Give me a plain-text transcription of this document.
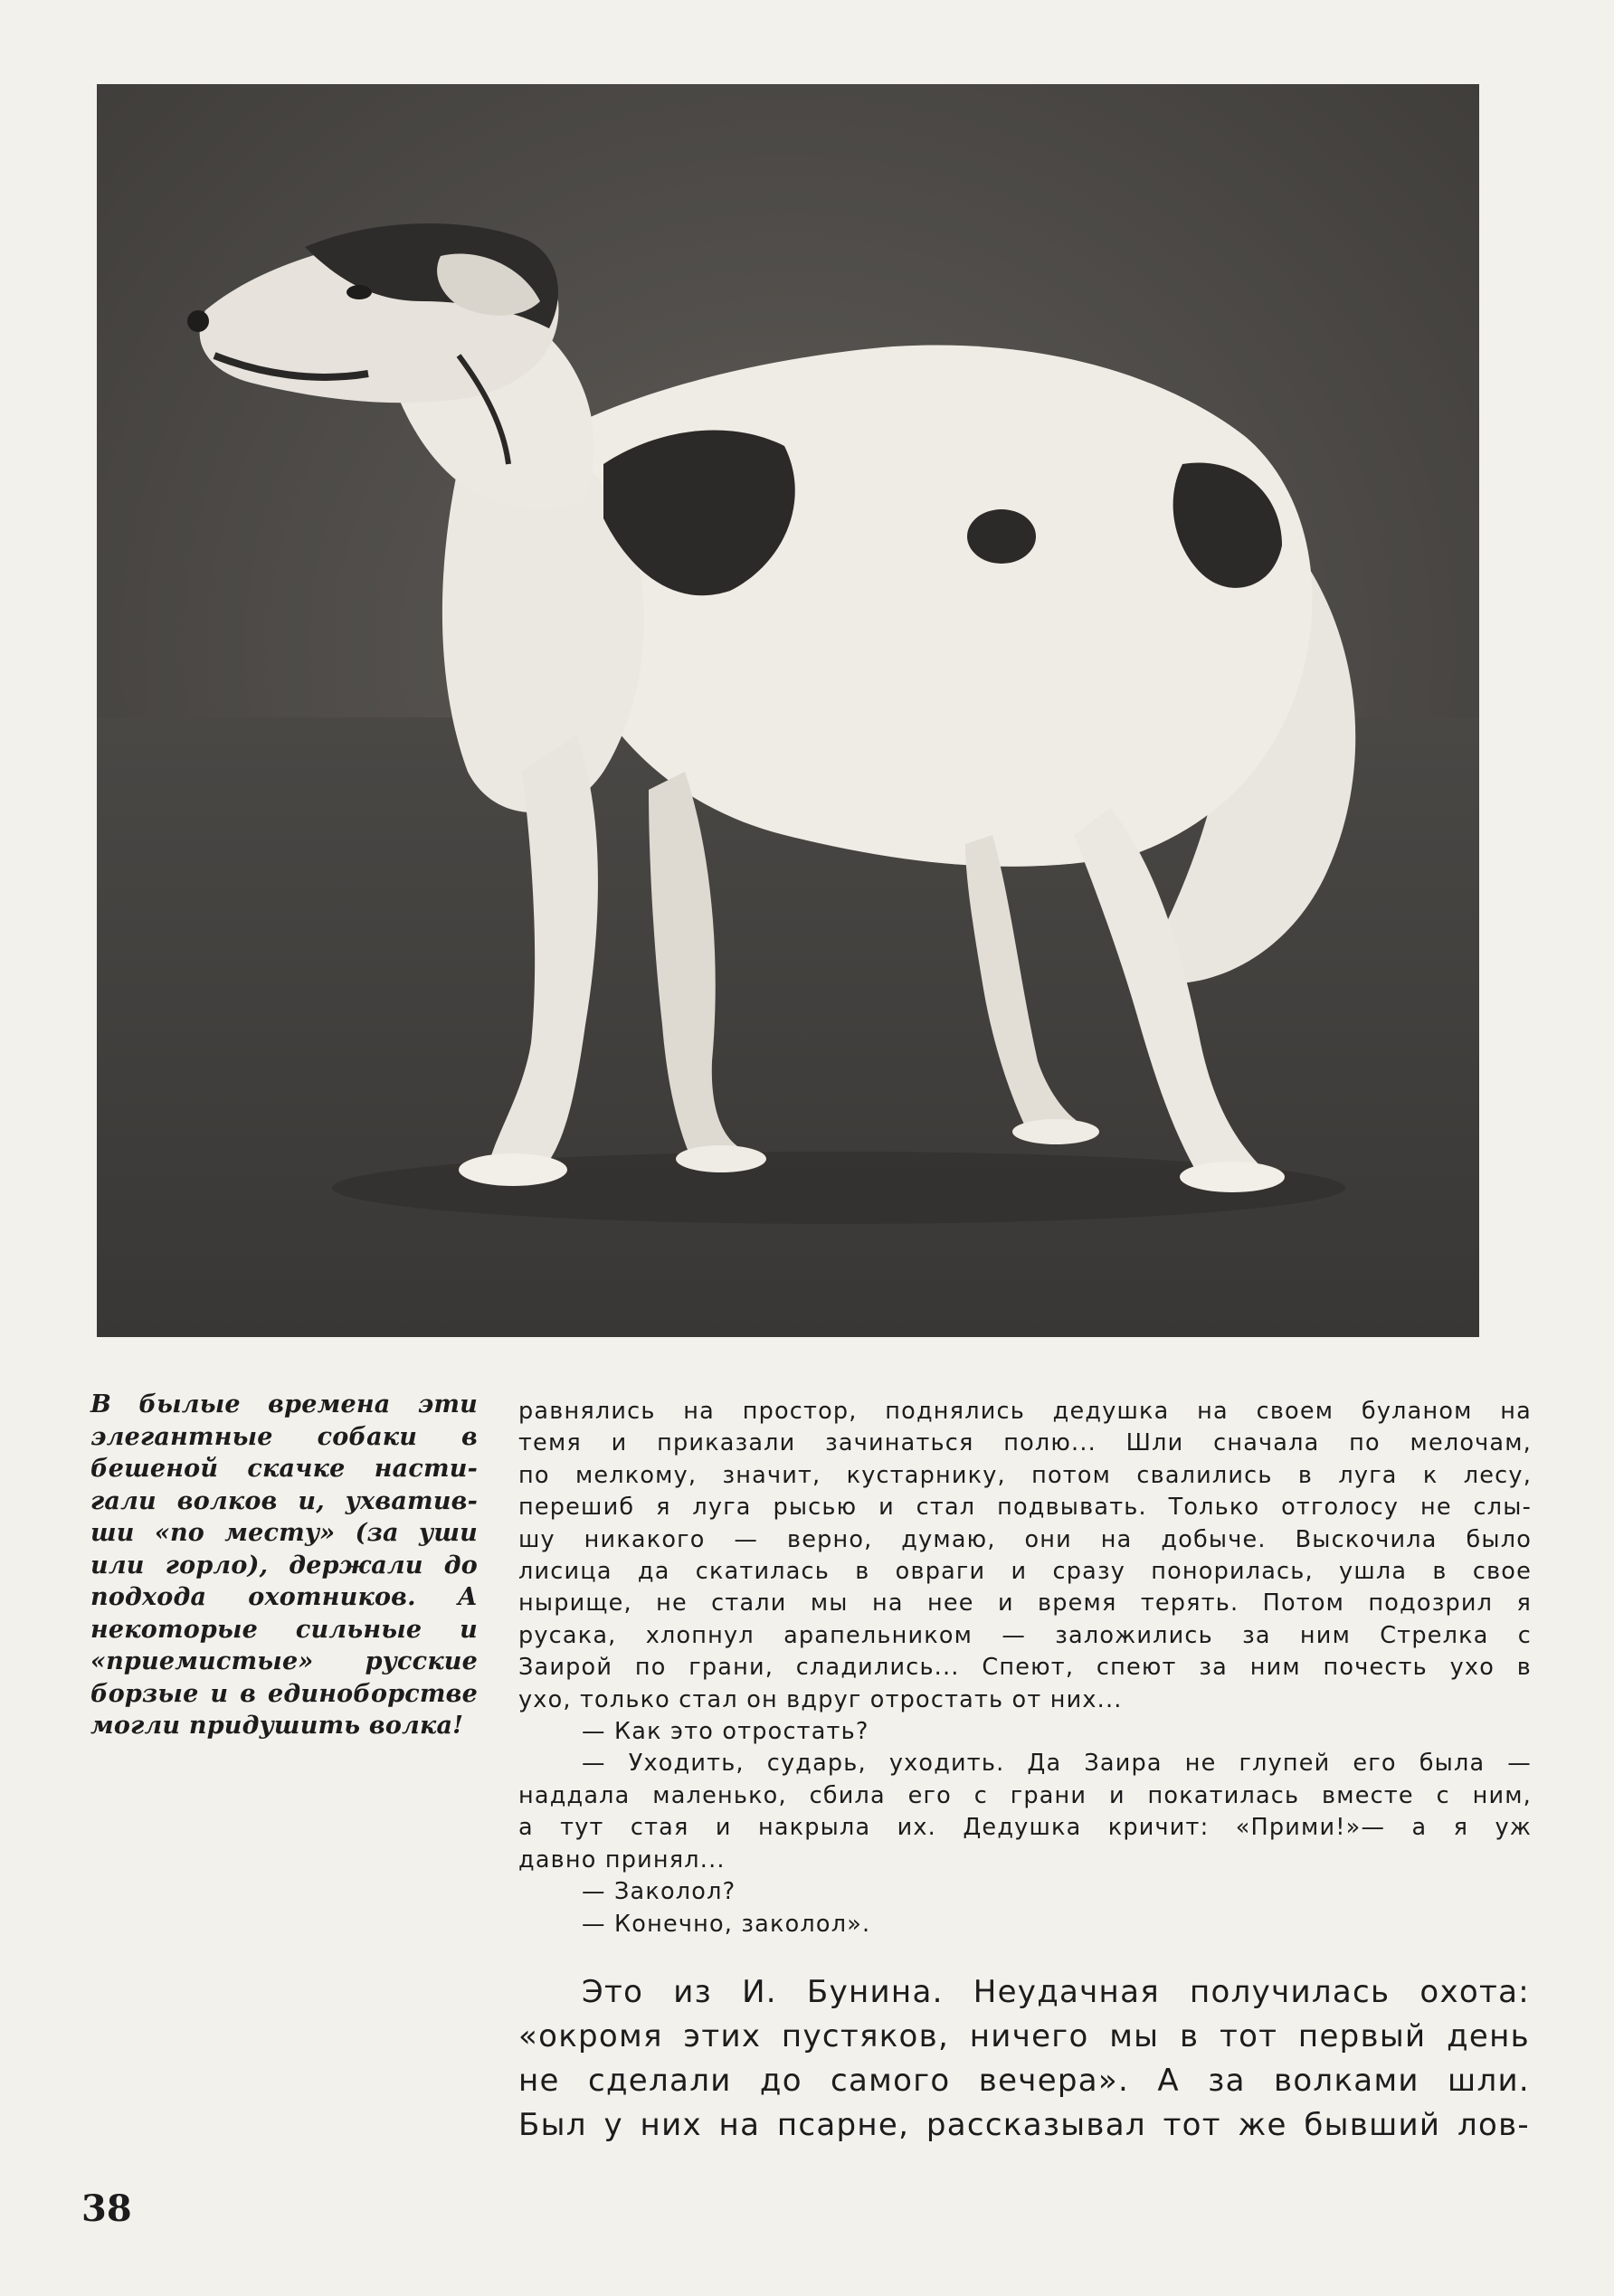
В былые времена эти
элегантные собаки в
бешеной скачке насти-
гали волков и, ухватив-
ши «по месту» (за уши
или горло), держали до
подхода охотников. А
некоторые сильные и
«приемистые» русские
борзые и в единоборстве
могли придушить волка!
равнялись на простор, поднялись дедушка на своем буланом на
темя и приказали зачинаться полю... Шли сначала по мелочам,
по мелкому, значит, кустарнику, потом свалились в луга к лесу,
перешиб я луга рысью и стал подвывать. Только отголосу не слы-
шу никакого — верно, думаю, они на добыче. Выскочила было
лисица да скатилась в овраги и сразу понорилась, ушла в свое
нырище, не стали мы на нее и время терять. Потом подозрил я
русака, хлопнул арапельником — заложились за ним Стрелка с
Заирой по грани, сладились... Спеют, спеют за ним почесть ухо в
ухо, только стал он вдруг отростать от них...
— Как это отростать?
— Уходить, сударь, уходить. Да Заира не глупей его была —
наддала маленько, сбила его с грани и покатилась вместе с ним,
а тут стая и накрыла их. Дедушка кричит: «Прими!»— а я уж
давно принял...
— Заколол?
— Конечно, заколол».
Это из И. Бунина. Неудачная получилась охота:
«окромя этих пустяков, ничего мы в тот первый день
не сделали до самого вечера». А за волками шли.
Был у них на псарне, рассказывал тот же бывший лов-
38
